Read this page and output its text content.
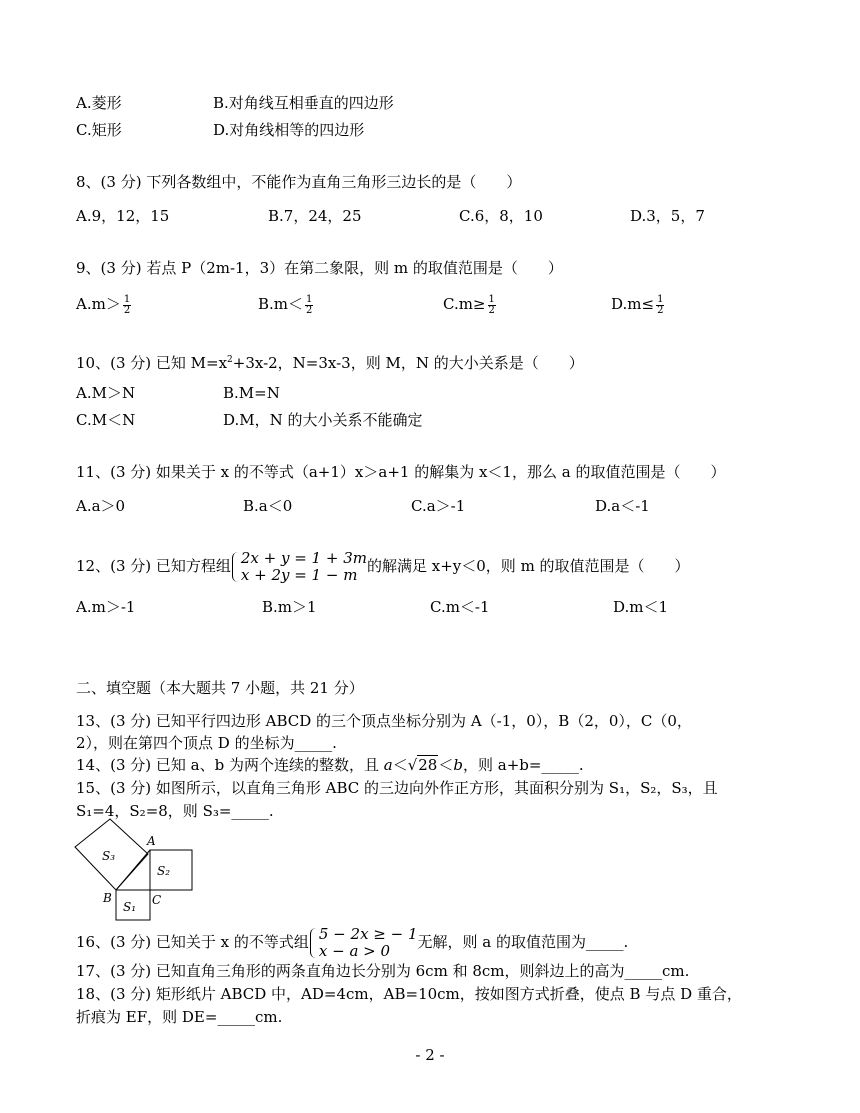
A.菱形	B.对角线互相垂直的四边形
C.矩形	D.对角线相等的四边形
8、(3 分) 下列各数组中，不能作为直角三角形三边长的是（　　）
A.9，12，15	B.7，24，25	C.6，8，10	D.3，5，7
9、(3 分) 若点 P（2m-1，3）在第二象限，则 m 的取值范围是（　　）
$A.m> \frac{1}{2}$	$B.m< \frac{1}{2}$	$C.m\ge \frac{1}{2}$	$D.m\le \frac{1}{2}$
10、(3 分) 已知 $M=x^2+3x-2$，N=3x-3，则 M，N 的大小关系是（　　）
A.M＞N	B.M=N
C.M＜N	D.M，N 的大小关系不能确定
11、(3 分) 如果关于 x 的不等式（a+1）x＞a+1 的解集为 x＜1，那么 a 的取值范围是（　　）
A.a＞0	B.a＜0	C.a＞-1	D.a＜-1
12、(3 分) 已知方程组 2x + y = 1 + 3m
x + 2y = 1 − m 的解满足 x+y＜0，则 m 的取值范围是（　　）
A.m＞-1	B.m＞1	C.m＜-1	D.m＜1
二、填空题（本大题共 7 小题，共 21 分）
13、(3 分) 已知平行四边形 ABCD 的三个顶点坐标分别为 A（-1，0），B（2，0），C（0，
2），则在第四个顶点 D 的坐标为_____.
14、(3 分) 已知 a、b 为两个连续的整数，且 a＜√28＜b，则 a+b=_____.
15、(3 分) 如图所示，以直角三角形 ABC 的三边向外作正方形，其面积分别为 S₁，S₂，S₃，且
S₁=4，S₂=8，则 S₃=_____.
S₃
S₂
S₁
A
B	C
16、(3 分) 已知关于 x 的不等式组 5 − 2x ≥ − 1
x − a > 0	无解，则 a 的取值范围为_____.
17、(3 分) 已知直角三角形的两条直角边长分别为 6cm 和 8cm，则斜边上的高为_____cm.
18、(3 分) 矩形纸片 ABCD 中，AD=4cm，AB=10cm，按如图方式折叠，使点 B 与点 D 重合，
折痕为 EF，则 DE=_____cm.
- 2 -
